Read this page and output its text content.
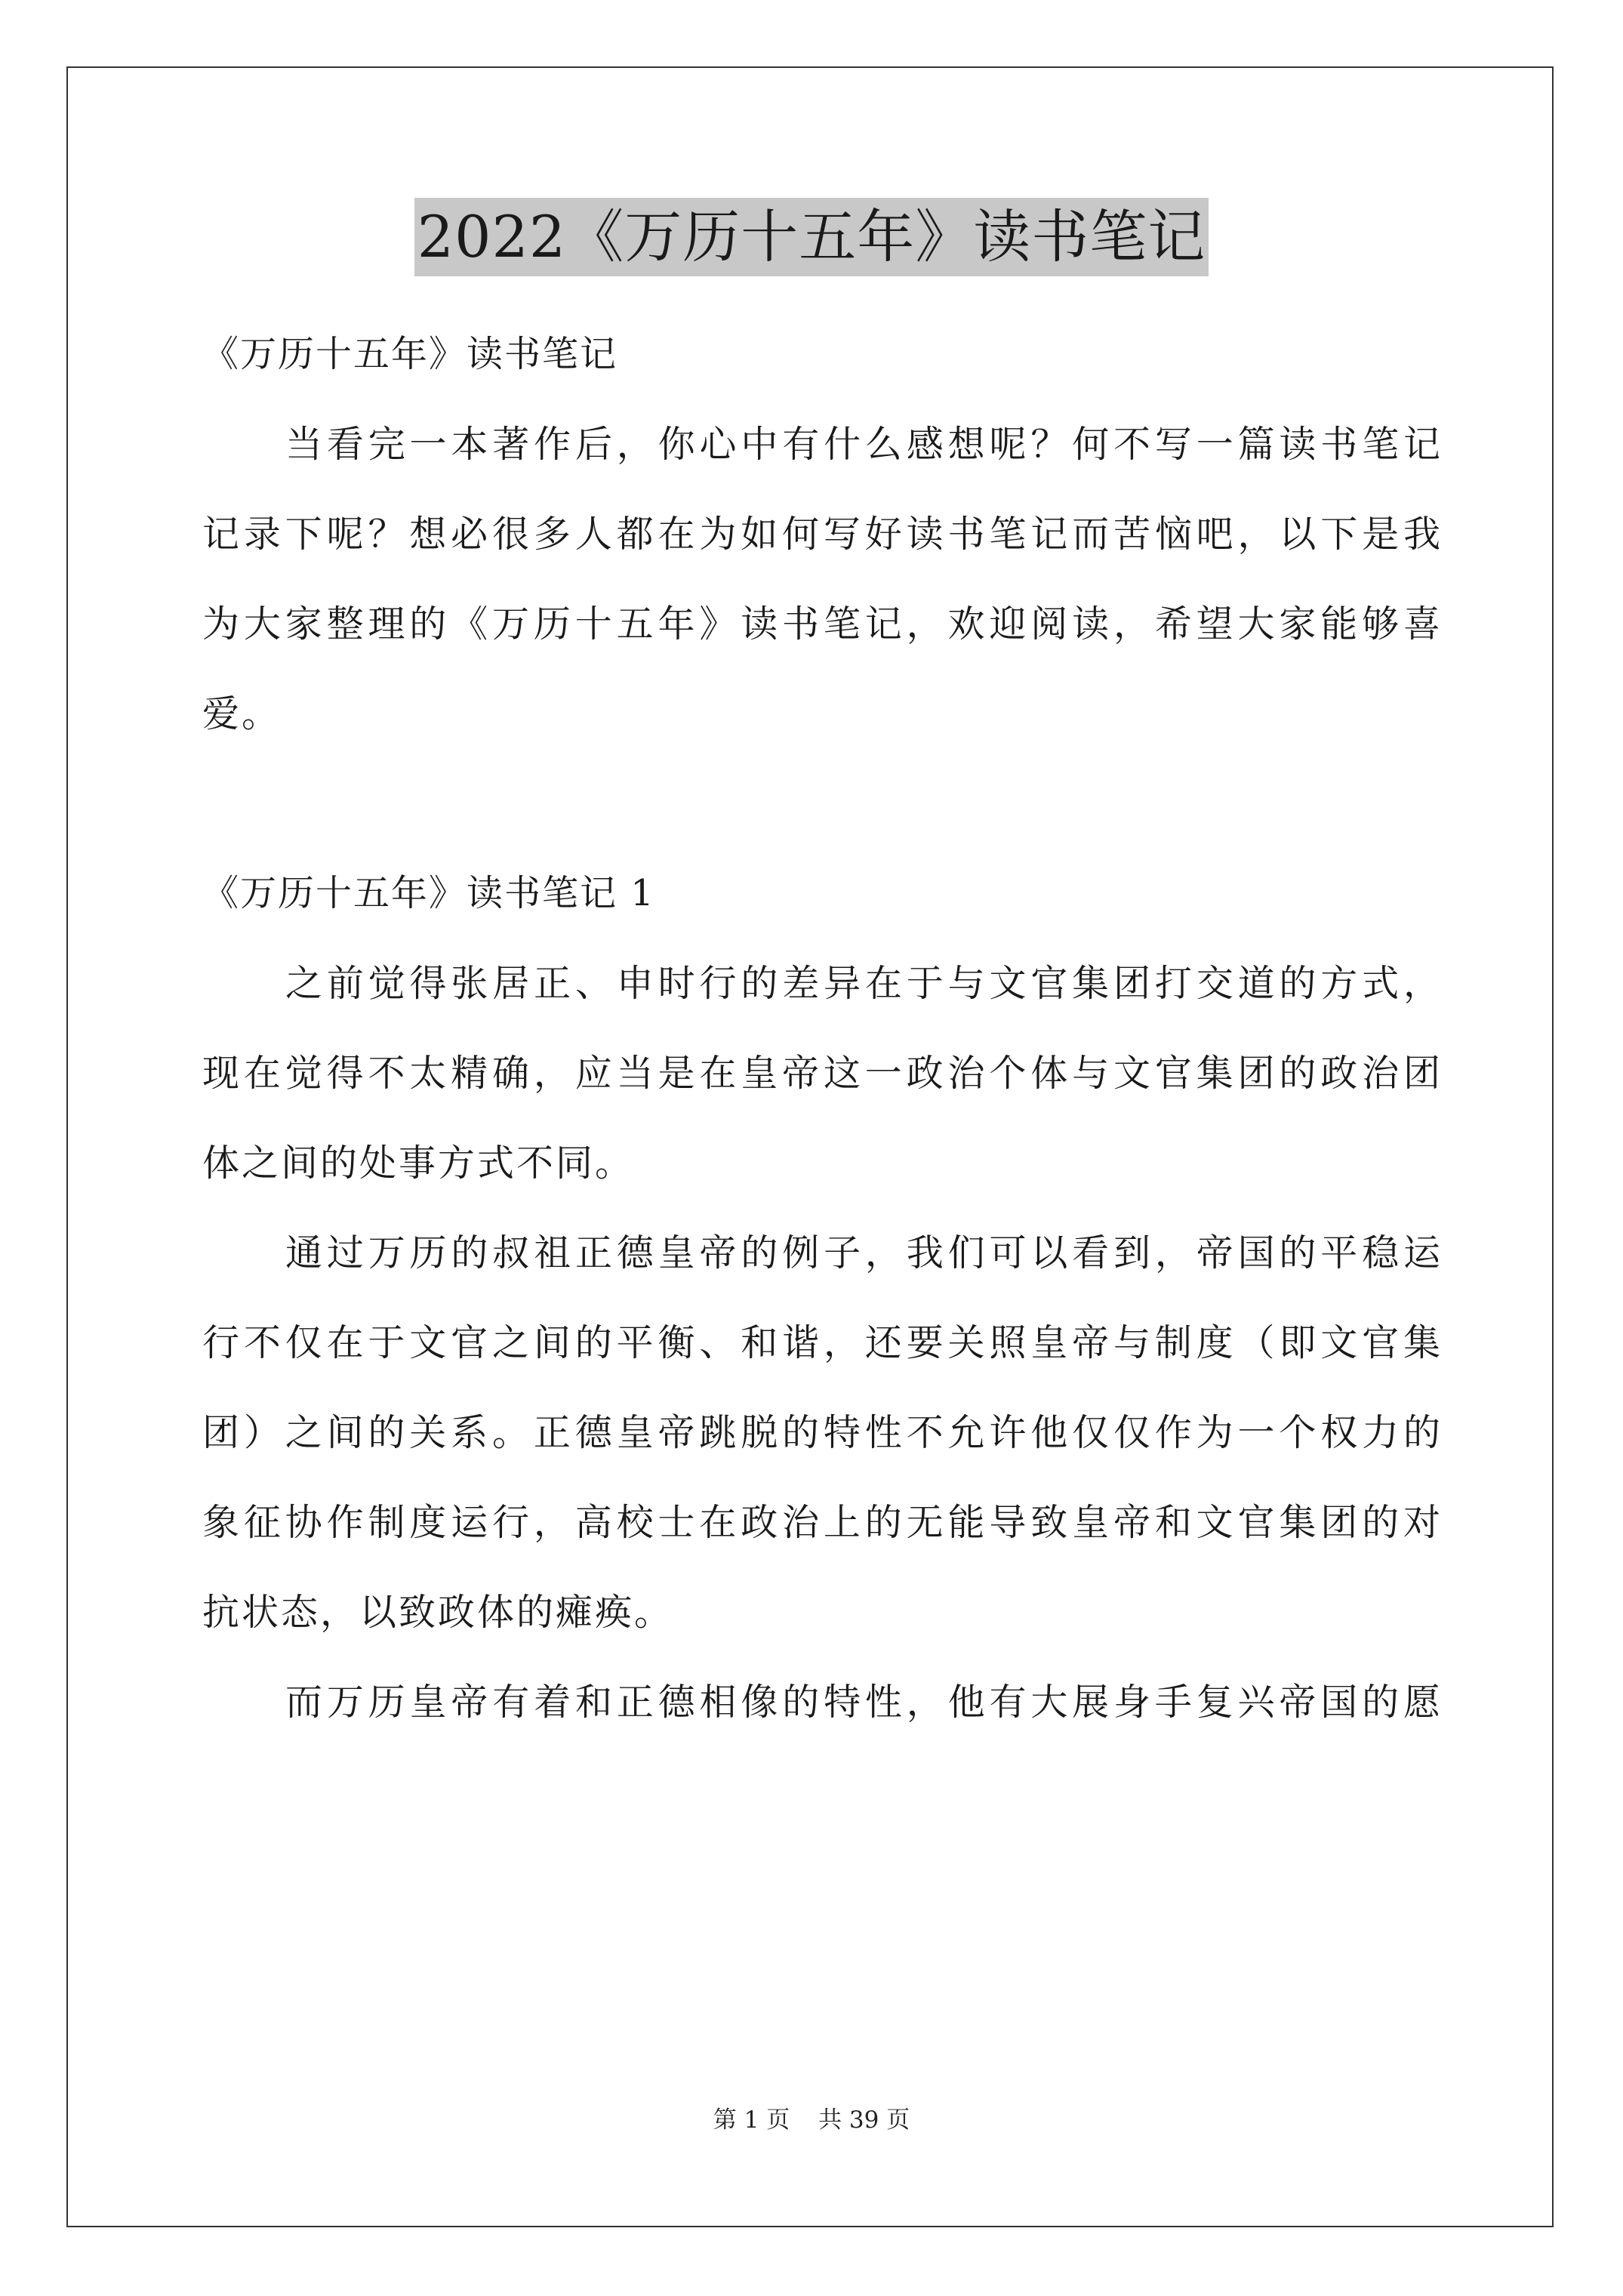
2022《万历十五年》读书笔记
《万历十五年》读书笔记
当看完一本著作后，你心中有什么感想呢？何不写一篇读书笔记
记录下呢？想必很多人都在为如何写好读书笔记而苦恼吧，以下是我
为大家整理的《万历十五年》读书笔记，欢迎阅读，希望大家能够喜
爱。
《万历十五年》读书笔记 1
之前觉得张居正、申时行的差异在于与文官集团打交道的方式，
现在觉得不太精确，应当是在皇帝这一政治个体与文官集团的政治团
体之间的处事方式不同。
通过万历的叔祖正德皇帝的例子，我们可以看到，帝国的平稳运
行不仅在于文官之间的平衡、和谐，还要关照皇帝与制度（即文官集
团）之间的关系。正德皇帝跳脱的特性不允许他仅仅作为一个权力的
象征协作制度运行，高校士在政治上的无能导致皇帝和文官集团的对
抗状态，以致政体的瘫痪。
而万历皇帝有着和正德相像的特性，他有大展身手复兴帝国的愿
第 1 页 共 39 页
